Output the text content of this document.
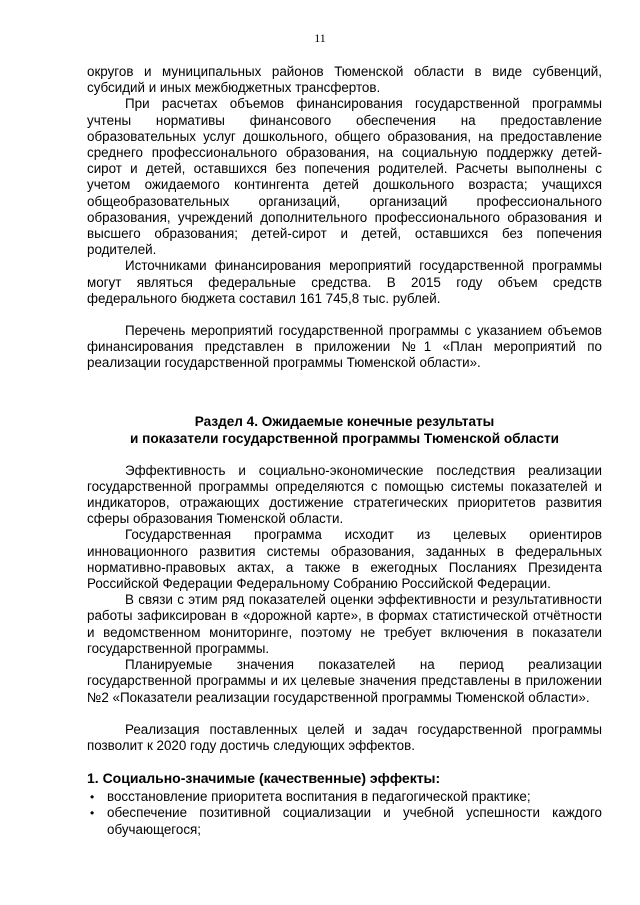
11

округов и муниципальных районов Тюменской области в виде субвенций, субсидий и иных межбюджетных трансфертов.

При расчетах объемов финансирования государственной программы учтены нормативы финансового обеспечения на предоставление образовательных услуг дошкольного, общего образования, на предоставление среднего профессионального образования, на социальную поддержку детей-сирот и детей, оставшихся без попечения родителей. Расчеты выполнены с учетом ожидаемого контингента детей дошкольного возраста; учащихся общеобразовательных организаций, организаций профессионального образования, учреждений дополнительного профессионального образования и высшего образования; детей-сирот и детей, оставшихся без попечения родителей.

Источниками финансирования мероприятий государственной программы могут являться федеральные средства. В 2015 году объем средств федерального бюджета составил 161 745,8 тыс. рублей.

Перечень мероприятий государственной программы с указанием объемов финансирования представлен в приложении №1 «План мероприятий по реализации государственной программы Тюменской области».

Раздел 4. Ожидаемые конечные результаты

и показатели государственной программы Тюменской области

Эффективность и социально-экономические последствия реализации государственной программы определяются с помощью системы показателей и индикаторов, отражающих достижение стратегических приоритетов развития сферы образования Тюменской области.

Государственная программа исходит из целевых ориентиров инновационного развития системы образования, заданных в федеральных нормативно-правовых актах, а также в ежегодных Посланиях Президента Российской Федерации Федеральному Собранию Российской Федерации.

В связи с этим ряд показателей оценки эффективности и результативности работы зафиксирован в «дорожной карте», в формах статистической отчётности и ведомственном мониторинге, поэтому не требует включения в показатели государственной программы.

Планируемые значения показателей на период реализации государственной программы и их целевые значения представлены в приложении №2 «Показатели реализации государственной программы Тюменской области».

Реализация поставленных целей и задач государственной программы позволит к 2020 году достичь следующих эффектов.

1. Социально-значимые (качественные) эффекты:

• восстановление приоритета воспитания в педагогической практике;
• обеспечение позитивной социализации и учебной успешности каждого обучающегося;
